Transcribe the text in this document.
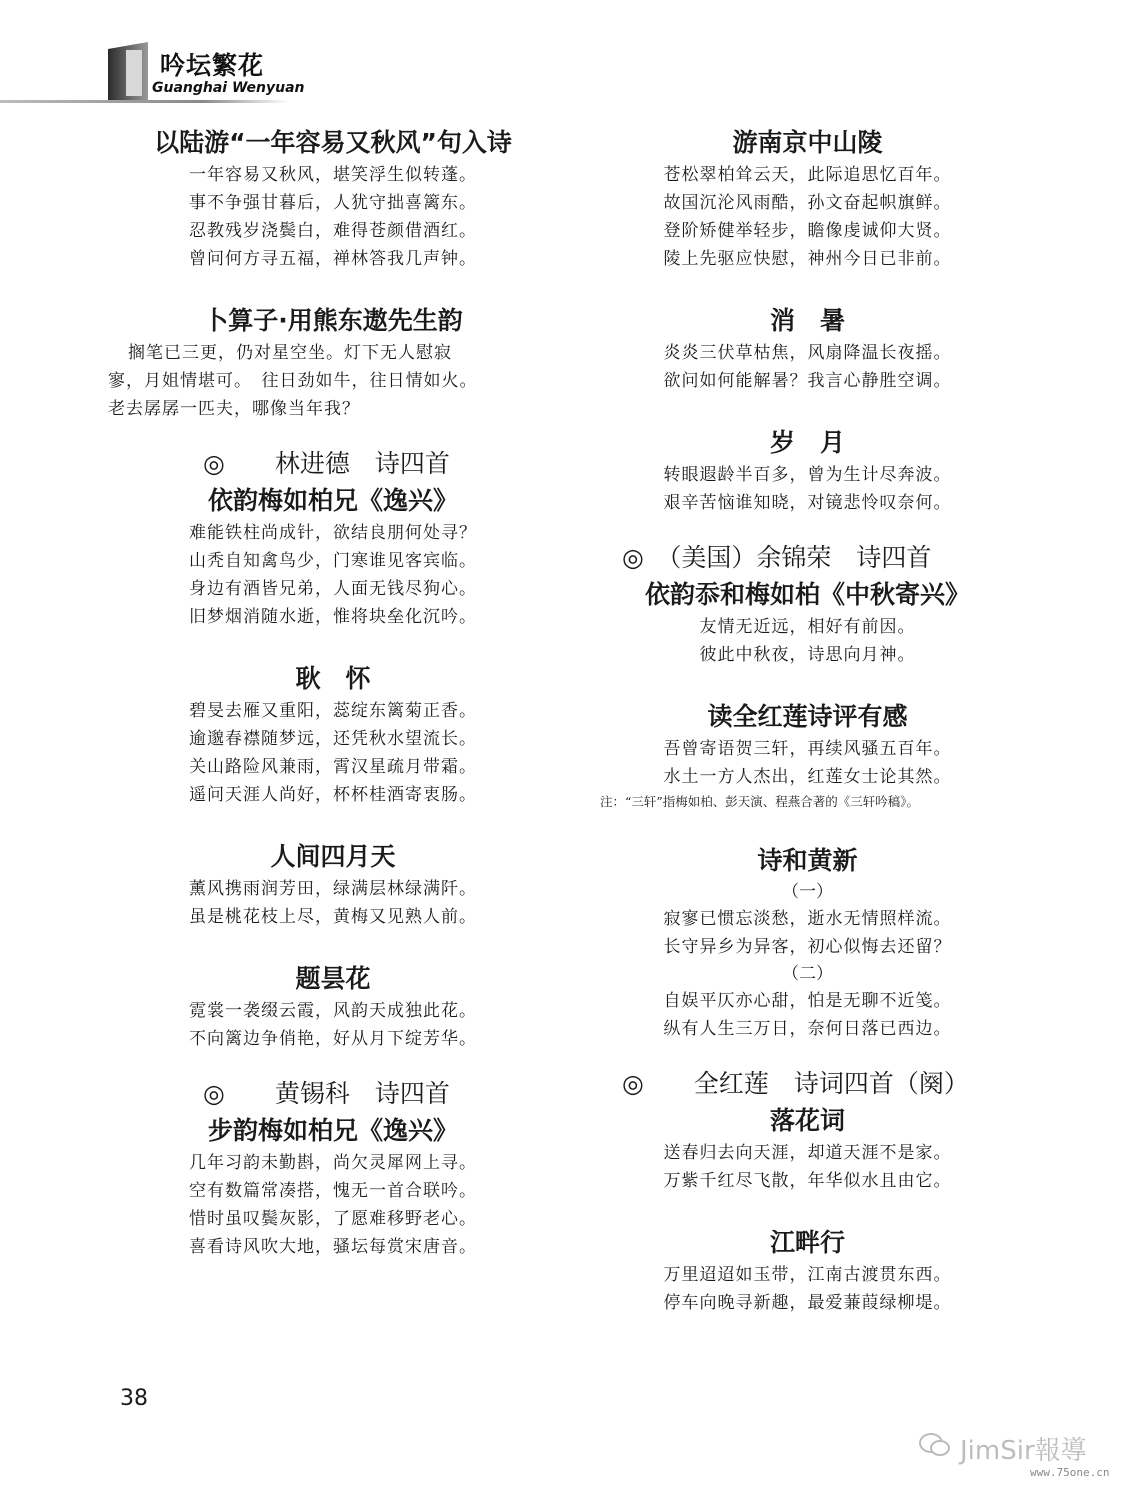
吟坛繁花
Guanghai Wenyuan

以陆游“一年容易又秋风”句入诗

一年容易又秋风，堪笑浮生似转蓬。

事不争强甘暮后，人犹守拙喜篱东。

忍教残岁浇鬓白，难得苍颜借酒红。

曾问何方寻五福，禅林答我几声钟。

卜算子·用熊东遨先生韵

搁笔已三更，仍对星空坐。灯下无人慰寂

寥，月姐情堪可。　往日劲如牛，往日情如火。

老去孱孱一匹夫，哪像当年我？

◎　　林进德　诗四首

依韵梅如柏兄《逸兴》

难能铁柱尚成针，欲结良朋何处寻？

山秃自知禽鸟少，门寒谁见客宾临。

身边有酒皆兄弟，人面无钱尽狗心。

旧梦烟消随水逝，惟将块垒化沉吟。

耿　怀

碧旻去雁又重阳，蕊绽东篱菊正香。

逾邈春襟随梦远，还凭秋水望流长。

关山路险风兼雨，霄汉星疏月带霜。

遥问天涯人尚好，杯杯桂酒寄衷肠。

人间四月天

薰风携雨润芳田，绿满层林绿满阡。

虽是桃花枝上尽，黄梅又见熟人前。

题昙花

霓裳一袭缀云霞，风韵天成独此花。

不向篱边争俏艳，好从月下绽芳华。

◎　　黄锡科　诗四首

步韵梅如柏兄《逸兴》

几年习韵未勤斟，尚欠灵犀网上寻。

空有数篇常凑搭，愧无一首合联吟。

惜时虽叹鬓灰影，了愿难移野老心。

喜看诗风吹大地，骚坛每赏宋唐音。

游南京中山陵

苍松翠柏耸云天，此际追思忆百年。

故国沉沦风雨酷，孙文奋起帜旗鲜。

登阶矫健举轻步，瞻像虔诚仰大贤。

陵上先驱应快慰，神州今日已非前。

消　暑

炎炎三伏草枯焦，风扇降温长夜摇。

欲问如何能解暑？我言心静胜空调。

岁　月

转眼遐龄半百多，曾为生计尽奔波。

艰辛苦恼谁知晓，对镜悲怜叹奈何。

◎　（美国）余锦荣　诗四首

依韵忝和梅如柏《中秋寄兴》

友情无近远，相好有前因。

彼此中秋夜，诗思向月神。

读全红莲诗评有感

吾曾寄语贺三轩，再续风骚五百年。

水土一方人杰出，红莲女士论其然。

注：“三轩”指梅如柏、彭天演、程燕合著的《三轩吟稿》。

诗和黄新

（一）

寂寥已惯忘淡愁，逝水无情照样流。

长守异乡为异客，初心似悔去还留？

（二）

自娱平仄亦心甜，怕是无聊不近笺。

纵有人生三万日，奈何日落已西边。

◎　　全红莲　诗词四首（阕）

落花词

送春归去向天涯，却道天涯不是家。

万紫千红尽飞散，年华似水且由它。

江畔行

万里迢迢如玉带，江南古渡贯东西。

停车向晚寻新趣，最爱蒹葭绿柳堤。

38
JimSir報導
www.75one.cn
